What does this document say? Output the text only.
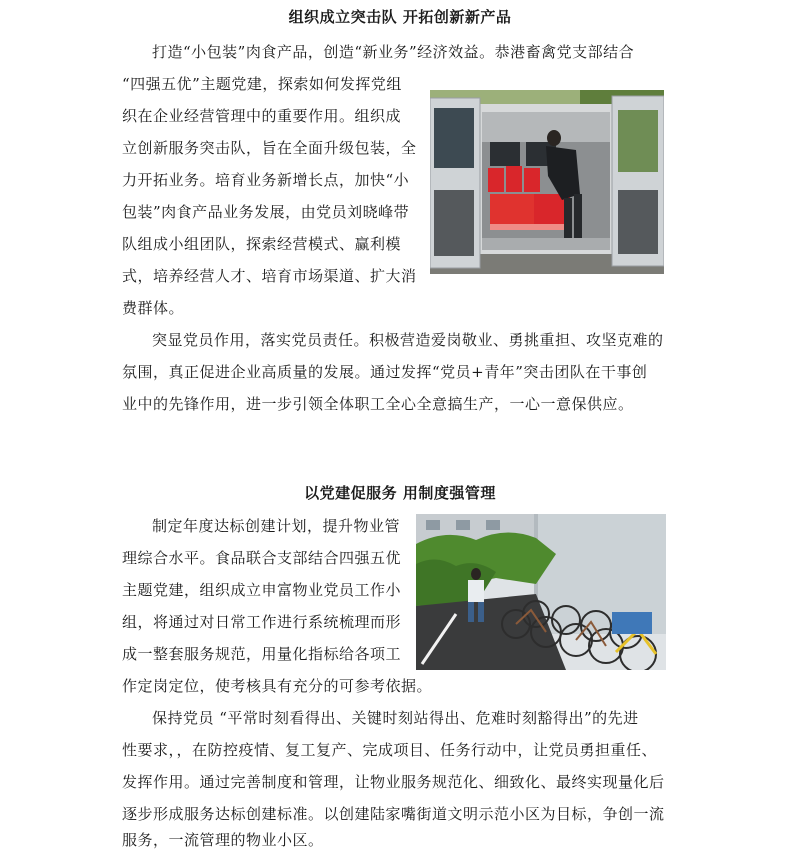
组织成立突击队 开拓创新新产品

打造“小包装”肉食产品，创造“新业务”经济效益。恭港畜禽党支部结合

“四强五优”主题党建，探索如何发挥党组

织在企业经营管理中的重要作用。组织成

立创新服务突击队，旨在全面升级包装，全

力开拓业务。培育业务新增长点，加快“小

包装”肉食产品业务发展，由党员刘晓峰带

队组成小组团队，探索经营模式、赢利模

式，培养经营人才、培育市场渠道、扩大消

费群体。

突显党员作用，落实党员责任。积极营造爱岗敬业、勇挑重担、攻坚克难的

氛围，真正促进企业高质量的发展。通过发挥“党员+青年”突击团队在干事创

业中的先锋作用，进一步引领全体职工全心全意搞生产，一心一意保供应。

以党建促服务 用制度强管理

制定年度达标创建计划，提升物业管

理综合水平。食品联合支部结合四强五优

主题党建，组织成立申富物业党员工作小

组，将通过对日常工作进行系统梳理而形

成一整套服务规范，用量化指标给各项工

作定岗定位，使考核具有充分的可参考依据。

保持党员 “平常时刻看得出、关键时刻站得出、危难时刻豁得出”的先进

性要求，，在防控疫情、复工复产、完成项目、任务行动中，让党员勇担重任、

发挥作用。通过完善制度和管理，让物业服务规范化、细致化、最终实现量化后

逐步形成服务达标创建标准。以创建陆家嘴街道文明示范小区为目标，争创一流

服务，一流管理的物业小区。
